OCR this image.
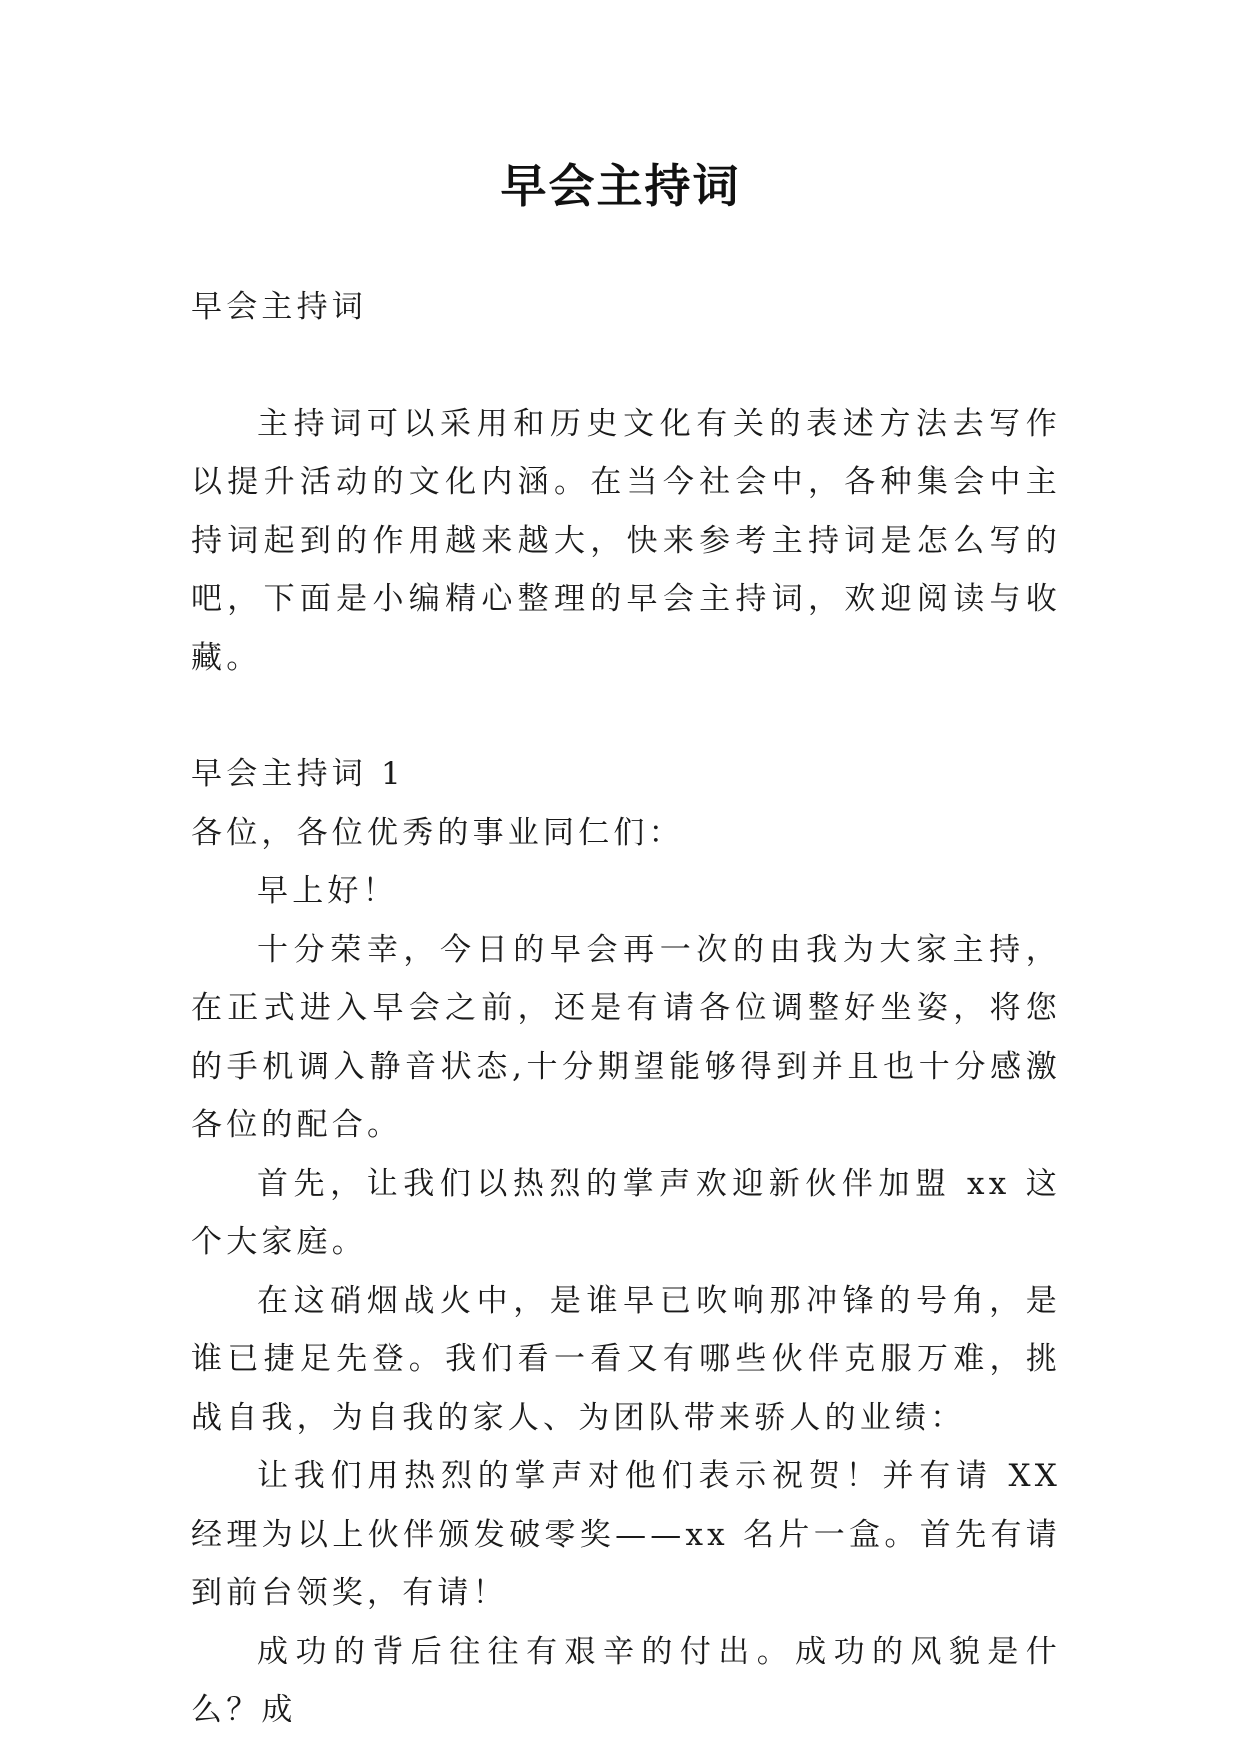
早会主持词

早会主持词

主持词可以采用和历史文化有关的表述方法去写作以提升活动的文化内涵。在当今社会中，各种集会中主持词起到的作用越来越大，快来参考主持词是怎么写的吧，下面是小编精心整理的早会主持词，欢迎阅读与收藏。

早会主持词 1

各位，各位优秀的事业同仁们：

早上好！

十分荣幸，今日的早会再一次的由我为大家主持，在正式进入早会之前，还是有请各位调整好坐姿，将您的手机调入静音状态,十分期望能够得到并且也十分感激各位的配合。

首先，让我们以热烈的掌声欢迎新伙伴加盟 xx 这个大家庭。

在这硝烟战火中，是谁早已吹响那冲锋的号角，是谁已捷足先登。我们看一看又有哪些伙伴克服万难，挑战自我，为自我的家人、为团队带来骄人的业绩：

让我们用热烈的掌声对他们表示祝贺！并有请 XX 经理为以上伙伴颁发破零奖——xx 名片一盒。首先有请到前台领奖，有请！

成功的背后往往有艰辛的付出。成功的风貌是什么？成
